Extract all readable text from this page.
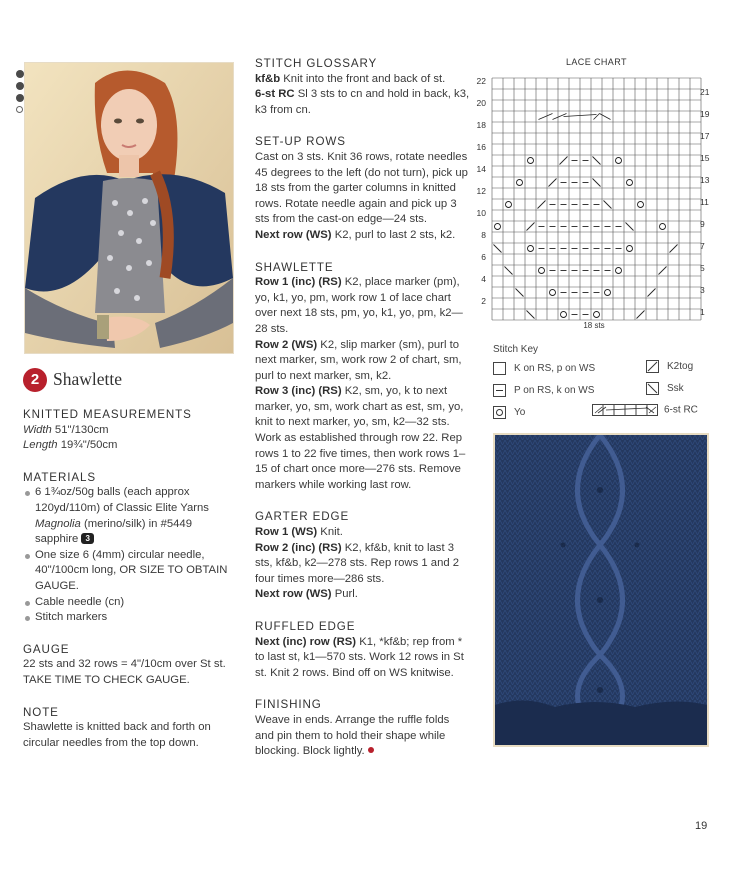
2 Shawlette

KNITTED MEASUREMENTS

Width 51"/130cm

Length 19¾"/50cm

MATERIALS

6 1¾oz/50g balls (each approx 120yd/110m) of Classic Elite Yarns Magnolia (merino/silk) in #5449 sapphire 3
One size 6 (4mm) circular needle, 40"/100cm long, OR SIZE TO OBTAIN GAUGE.
Cable needle (cn)
Stitch markers

GAUGE

22 sts and 32 rows = 4"/10cm over St st. TAKE TIME TO CHECK GAUGE.

NOTE

Shawlette is knitted back and forth on circular needles from the top down.

STITCH GLOSSARY

kf&b Knit into the front and back of st.

6-st RC Sl 3 sts to cn and hold in back, k3, k3 from cn.

SET-UP ROWS

Cast on 3 sts. Knit 36 rows, rotate needles 45 degrees to the left (do not turn), pick up 18 sts from the garter columns in knitted rows. Rotate needle again and pick up 3 sts from the cast-on edge—24 sts.

Next row (WS) K2, purl to last 2 sts, k2.

SHAWLETTE

Row 1 (inc) (RS) K2, place marker (pm), yo, k1, yo, pm, work row 1 of lace chart over next 18 sts, pm, yo, k1, yo, pm, k2—28 sts.

Row 2 (WS) K2, slip marker (sm), purl to next marker, sm, work row 2 of chart, sm, purl to next marker, sm, k2.

Row 3 (inc) (RS) K2, sm, yo, k to next marker, yo, sm, work chart as est, sm, yo, knit to next marker, yo, sm, k2—32 sts. Work as established through row 22. Rep rows 1 to 22 five times, then work rows 1–15 of chart once more—276 sts. Remove markers while working last row.

GARTER EDGE

Row 1 (WS) Knit.

Row 2 (inc) (RS) K2, kf&b, knit to last 3 sts, kf&b, k2—278 sts. Rep rows 1 and 2 four times more—286 sts.

Next row (WS) Purl.

RUFFLED EDGE

Next (inc) row (RS) K1, *kf&b; rep from * to last st, k1—570 sts. Work 12 rows in St st. Knit 2 rows. Bind off on WS knitwise.

FINISHING

Weave in ends. Arrange the ruffle folds and pin them to hold their shape while blocking. Block lightly.

LACE CHART
2
4
6
8
10
12
14
16
18
20
22
1
3
5
7
9
11
13
15
17
19
21
18 sts
Stitch Key
K on RS, p on WS
P on RS, k on WS
Yo
K2tog
Ssk
6-st RC
19
